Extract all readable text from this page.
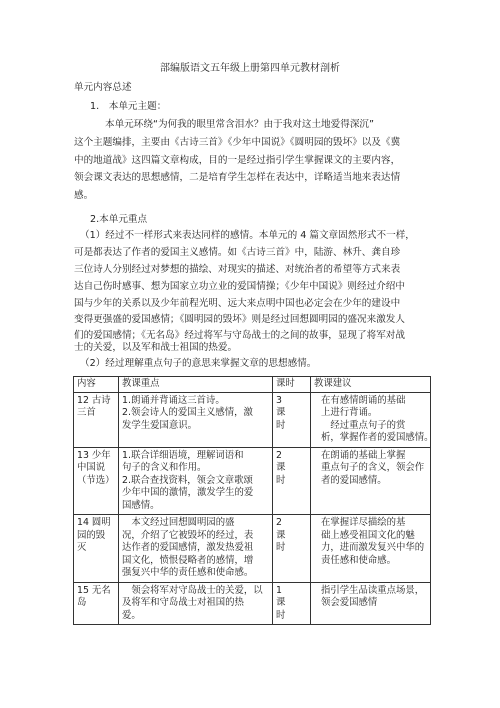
部编版语文五年级上册第四单元教材剖析
单元内容总述
1.　本单元主题：
本单元环绕“为何我的眼里常含泪水？由于我对这土地爱得深沉”
这个主题编排，主要由《古诗三首》《少年中国说》《圆明园的毁坏》以及《冀
中的地道战》这四篇文章构成，目的一是经过指引学生掌握课文的主要内容，
领会课文表达的思想感情，二是培育学生怎样在表达中，详略适当地来表达情
感。
2.本单元重点
（1）经过不一样形式来表达同样的感情。本单元的 4 篇文章固然形式不一样，
可是都表达了作者的爱国主义感情。如《古诗三首》中，陆游、林升、龚自珍
三位诗人分别经过对梦想的描绘、对现实的描述、对统治者的希望等方式来表
达自己伤时感事、想为国家立功立业的爱国情操；《少年中国说》则经过介绍中
国与少年的关系以及少年前程光明、远大来点明中国也必定会在少年的建设中
变得更强盛的爱国感情；《圆明园的毁坏》则是经过回想圆明园的盛况来激发人
们的爱国感情；《无名岛》经过将军与守岛战士的之间的故事，显现了将军对战
士的关爱，以及军和战士祖国的热爱。
内容	教课重点	课时	教课建议

12 古诗
三首	1.朗诵并背诵这三首诗。
2.领会诗人的爱国主义感情，激
发学生爱国意识。	3
课
时	在有感情朗诵的基础
上进行背诵。
　经过重点句子的赏
析，掌握作者的爱国感情。

13 少年
中国说
（节选）	1.联合详细语境，理解词语和
句子的含义和作用。
2.联合查找资料，领会文章歌颂
少年中国的激情，激发学生的爱
国感情。	2
课
时	在朗诵的基础上掌握
重点句子的含义，领会作
者的爱国感情。

14 圆明
园的毁
灭	　本文经过回想圆明园的盛
况，介绍了它被毁坏的经过，表
达作者的爱国感情，激发热爱祖
国文化，愤恨侵略者的感情，增
强复兴中华的责任感和使命感。	2
课
时	在掌握详尽描绘的基
础上感受祖国文化的魅
力，进而激发复兴中华的
责任感和使命感。

15 无名
岛	　领会将军对守岛战士的关爱，以
及将军和守岛战士对祖国的热
爱。	1
课
时	指引学生品读重点场景，
领会爱国感情
（2）经过理解重点句子的意思来掌握文章的思想感情。
